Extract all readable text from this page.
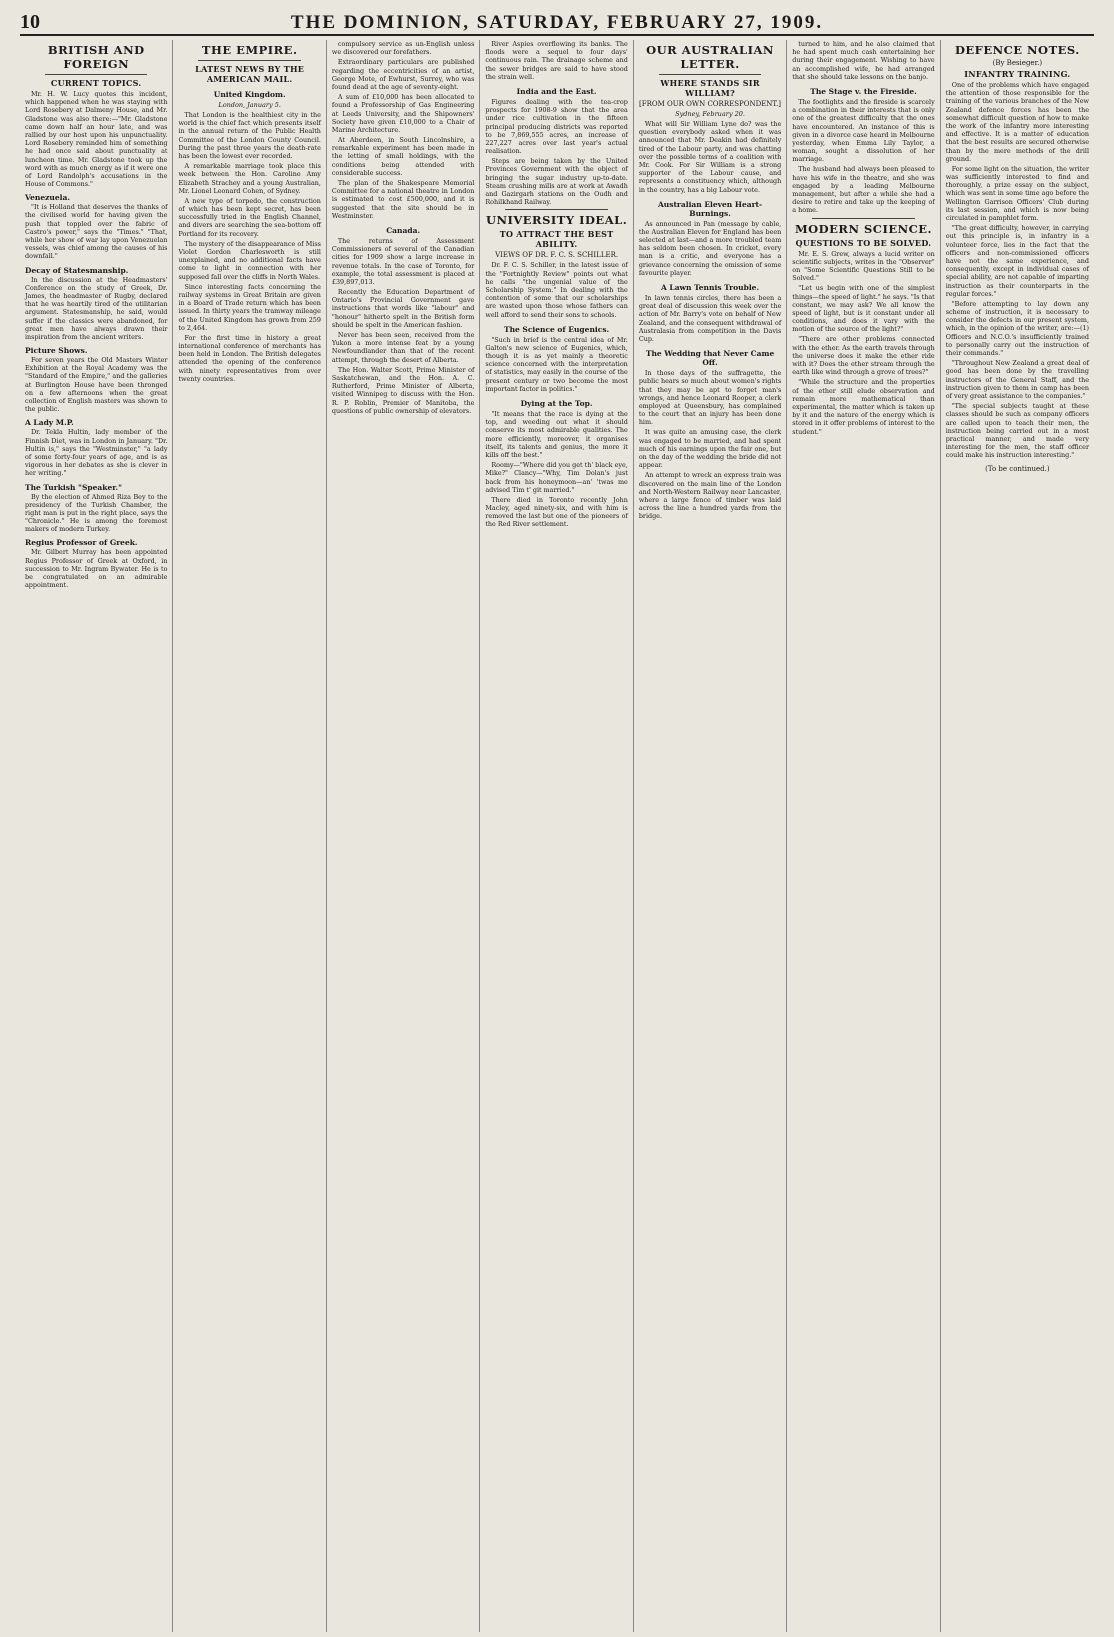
10	THE DOMINION, SATURDAY, FEBRUARY 27, 1909.
BRITISH AND FOREIGN
CURRENT TOPICS.

Mr. H. W. Lucy quotes this incident, which happened when he was staying with Lord Rosebery at Dalmeny House, and Mr. Gladstone was also there:—"Mr. Gladstone came down half an hour late, and was rallied by our host upon his unpunctuality. Lord Rosebery reminded him of something he had once said about punctuality at luncheon time. Mr. Gladstone took up the word with as much energy as if it were one of Lord Randolph's accusations in the House of Commons."

Venezuela.

"It is Holland that deserves the thanks of the civilised world for having given the push that toppled over the fabric of Castro's power," says the "Times." "That, while her show of war lay upon Venezuelan vessels, was chief among the causes of his downfall."

Decay of Statesmanship.

In the discussion at the Headmasters' Conference on the study of Greek, Dr. James, the headmaster of Rugby, declared that he was heartily tired of the utilitarian argument. Statesmanship, he said, would suffer if the classics were abandoned, for great men have always drawn their inspiration from the ancient writers.

Picture Shows.

For seven years the Old Masters Winter Exhibition at the Royal Academy was the "Standard of the Empire," and the galleries at Burlington House have been thronged on a few afternoons when the great collection of English masters was shown to the public.

A Lady M.P.

Dr. Tekla Hultin, lady member of the Finnish Diet, was in London in January. "Dr. Hultin is," says the "Westminster," "a lady of some forty-four years of age, and is as vigorous in her debates as she is clever in her writing."

The Turkish "Speaker."

By the election of Ahmed Riza Bey to the presidency of the Turkish Chamber, the right man is put in the right place, says the "Chronicle." He is among the foremost makers of modern Turkey.

Regius Professor of Greek.

Mr. Gilbert Murray has been appointed Regius Professor of Greek at Oxford, in succession to Mr. Ingram Bywater. He is to be congratulated on an admirable appointment.

THE EMPIRE.
LATEST NEWS BY THE AMERICAN MAIL.
United Kingdom.
London, January 5.

That London is the healthiest city in the world is the chief fact which presents itself in the annual return of the Public Health Committee of the London County Council. During the past three years the death-rate has been the lowest ever recorded.

A remarkable marriage took place this week between the Hon. Caroline Amy Elizabeth Strachey and a young Australian, Mr. Lionel Leonard Cohen, of Sydney.

A new type of torpedo, the construction of which has been kept secret, has been successfully tried in the English Channel, and divers are searching the sea-bottom off Portland for its recovery.

The mystery of the disappearance of Miss Violet Gordon Charlesworth is still unexplained, and no additional facts have come to light in connection with her supposed fall over the cliffs in North Wales.

Since interesting facts concerning the railway systems in Great Britain are given in a Board of Trade return which has been issued. In thirty years the tramway mileage of the United Kingdom has grown from 259 to 2,464.

For the first time in history a great international conference of merchants has been held in London. The British delegates attended the opening of the conference with ninety representatives from over twenty countries.

compulsory service as un-English unless we discovered our forefathers.

Extraordinary particulars are published regarding the eccentricities of an artist, George Mote, of Ewhurst, Surrey, who was found dead at the age of seventy-eight.

A sum of £10,000 has been allocated to found a Professorship of Gas Engineering at Leeds University, and the Shipowners' Society have given £10,000 to a Chair of Marine Architecture.

At Aberdeen, in South Lincolnshire, a remarkable experiment has been made in the letting of small holdings, with the conditions being attended with considerable success.

The plan of the Shakespeare Memorial Committee for a national theatre in London is estimated to cost £500,000, and it is suggested that the site should be in Westminster.

Canada.

The returns of Assessment Commissioners of several of the Canadian cities for 1909 show a large increase in revenue totals. In the case of Toronto, for example, the total assessment is placed at £39,897,013.

Recently the Education Department of Ontario's Provincial Government gave instructions that words like "labour" and "honour" hitherto spelt in the British form should be spelt in the American fashion.

Never has been seen, received from the Yukon a more intense feat by a young Newfoundlander than that of the recent attempt, through the desert of Alberta.

The Hon. Walter Scott, Prime Minister of Saskatchewan, and the Hon. A. C. Rutherford, Prime Minister of Alberta, visited Winnipeg to discuss with the Hon. R. P. Roblin, Premier of Manitoba, the questions of public ownership of elevators.

River Aspies overflowing its banks. The floods were a sequel to four days' continuous rain. The drainage scheme and the sewer bridges are said to have stood the strain well.

India and the East.

Figures dealing with the tea-crop prospects for 1908-9 show that the area under rice cultivation in the fifteen principal producing districts was reported to be 7,869,555 acres, an increase of 227,227 acres over last year's actual realisation.

Steps are being taken by the United Provinces Government with the object of bringing the sugar industry up-to-date. Steam crushing mills are at work at Awadh and Gazirgarh stations on the Oudh and Rohilkhand Railway.

UNIVERSITY IDEAL.
TO ATTRACT THE BEST ABILITY.
VIEWS OF DR. F. C. S. SCHILLER.

Dr. F. C. S. Schiller, in the latest issue of the "Fortnightly Review" points out what he calls "the ungenial value of the Scholarship System." In dealing with the contention of some that our scholarships are wasted upon those whose fathers can well afford to send their sons to schools.

The Science of Eugenics.

"Such in brief is the central idea of Mr. Galton's new science of Eugenics, which, though it is as yet mainly a theoretic science concerned with the interpretation of statistics, may easily in the course of the present century or two become the most important factor in politics."

Dying at the Top.

"It means that the race is dying at the top, and weeding out what it should conserve its most admirable qualities. The more efficiently, moreover, it organises itself, its talents and genius, the more it kills off the best."

Roomy—"Where did you get th' black eye, Mike?" Clancy—"Why, Tim Dolan's just back from his honeymoon—an' 'twas me advised Tim t' git married."

There died in Toronto recently John Macley, aged ninety-six, and with him is removed the last but one of the pioneers of the Red River settlement.

OUR AUSTRALIAN LETTER.
WHERE STANDS SIR WILLIAM?
[FROM OUR OWN CORRESPONDENT.]
Sydney, February 20.

What will Sir William Lyne do? was the question everybody asked when it was announced that Mr. Deakin had definitely tired of the Labour party, and was chatting over the possible terms of a coalition with Mr. Cook. For Sir William is a strong supporter of the Labour cause, and represents a constituency which, although in the country, has a big Labour vote.

Australian Eleven Heart-Burnings.

As announced in Pan (message by cable, the Australian Eleven for England has been selected at last—and a more troubled team has seldom been chosen. In cricket, every man is a critic, and everyone has a grievance concerning the omission of some favourite player.

A Lawn Tennis Trouble.

In lawn tennis circles, there has been a great deal of discussion this week over the action of Mr. Barry's vote on behalf of New Zealand, and the consequent withdrawal of Australasia from competition in the Davis Cup.

The Wedding that Never Came Off.

In those days of the suffragette, the public hears so much about women's rights that they may be apt to forget man's wrongs, and hence Leonard Rooper, a clerk employed at Queensbury, has complained to the court that an injury has been done him.

It was quite an amusing case, the clerk was engaged to be married, and had spent much of his earnings upon the fair one, but on the day of the wedding the bride did not appear.

An attempt to wreck an express train was discovered on the main line of the London and North-Western Railway near Lancaster, where a large fence of timber was laid across the line a hundred yards from the bridge.

turned to him, and he also claimed that he had spent much cash entertaining her during their engagement. Wishing to have an accomplished wife, he had arranged that she should take lessons on the banjo.

The Stage v. the Fireside.

The footlights and the fireside is scarcely a combination in their interests that is only one of the greatest difficulty that the ones have encountered. An instance of this is given in a divorce case heard in Melbourne yesterday, when Emma Lily Taylor, a woman, sought a dissolution of her marriage.

The husband had always been pleased to have his wife in the theatre, and she was engaged by a leading Melbourne management, but after a while she had a desire to retire and take up the keeping of a home.

MODERN SCIENCE.
QUESTIONS TO BE SOLVED.

Mr. E. S. Grew, always a lucid writer on scientific subjects, writes in the "Observer" on "Some Scientific Questions Still to be Solved."

"Let us begin with one of the simplest things—the speed of light." he says. "Is that constant, we may ask? We all know the speed of light, but is it constant under all conditions, and does it vary with the motion of the source of the light?"

"There are other problems connected with the ether. As the earth travels through the universe does it make the ether ride with it? Does the ether stream through the earth like wind through a grove of trees?"

"While the structure and the properties of the ether still elude observation and remain more mathematical than experimental, the matter which is taken up by it and the nature of the energy which is stored in it offer problems of interest to the student."

DEFENCE NOTES.
(By Besieger.)
INFANTRY TRAINING.

One of the problems which have engaged the attention of those responsible for the training of the various branches of the New Zealand defence forces has been the somewhat difficult question of how to make the work of the infantry more interesting and effective. It is a matter of education that the best results are secured otherwise than by the mere methods of the drill ground.

For some light on the situation, the writer was sufficiently interested to find and thoroughly, a prize essay on the subject, which was sent in some time ago before the Wellington Garrison Officers' Club during its last session, and which is now being circulated in pamphlet form.

"The great difficulty, however, in carrying out this principle is, in infantry in a volunteer force, lies in the fact that the officers and non-commissioned officers have not the same experience, and consequently, except in individual cases of special ability, are not capable of imparting instruction as their counterparts in the regular forces."

"Before attempting to lay down any scheme of instruction, it is necessary to consider the defects in our present system, which, in the opinion of the writer, are:—(1) Officers and N.C.O.'s insufficiently trained to personally carry out the instruction of their commands."

"Throughout New Zealand a great deal of good has been done by the travelling instructors of the General Staff, and the instruction given to them in camp has been of very great assistance to the companies."

"The special subjects taught at these classes should be such as company officers are called upon to teach their men, the instruction being carried out in a most practical manner, and made very interesting for the men, the staff officer could make his instruction interesting."

(To be continued.)
